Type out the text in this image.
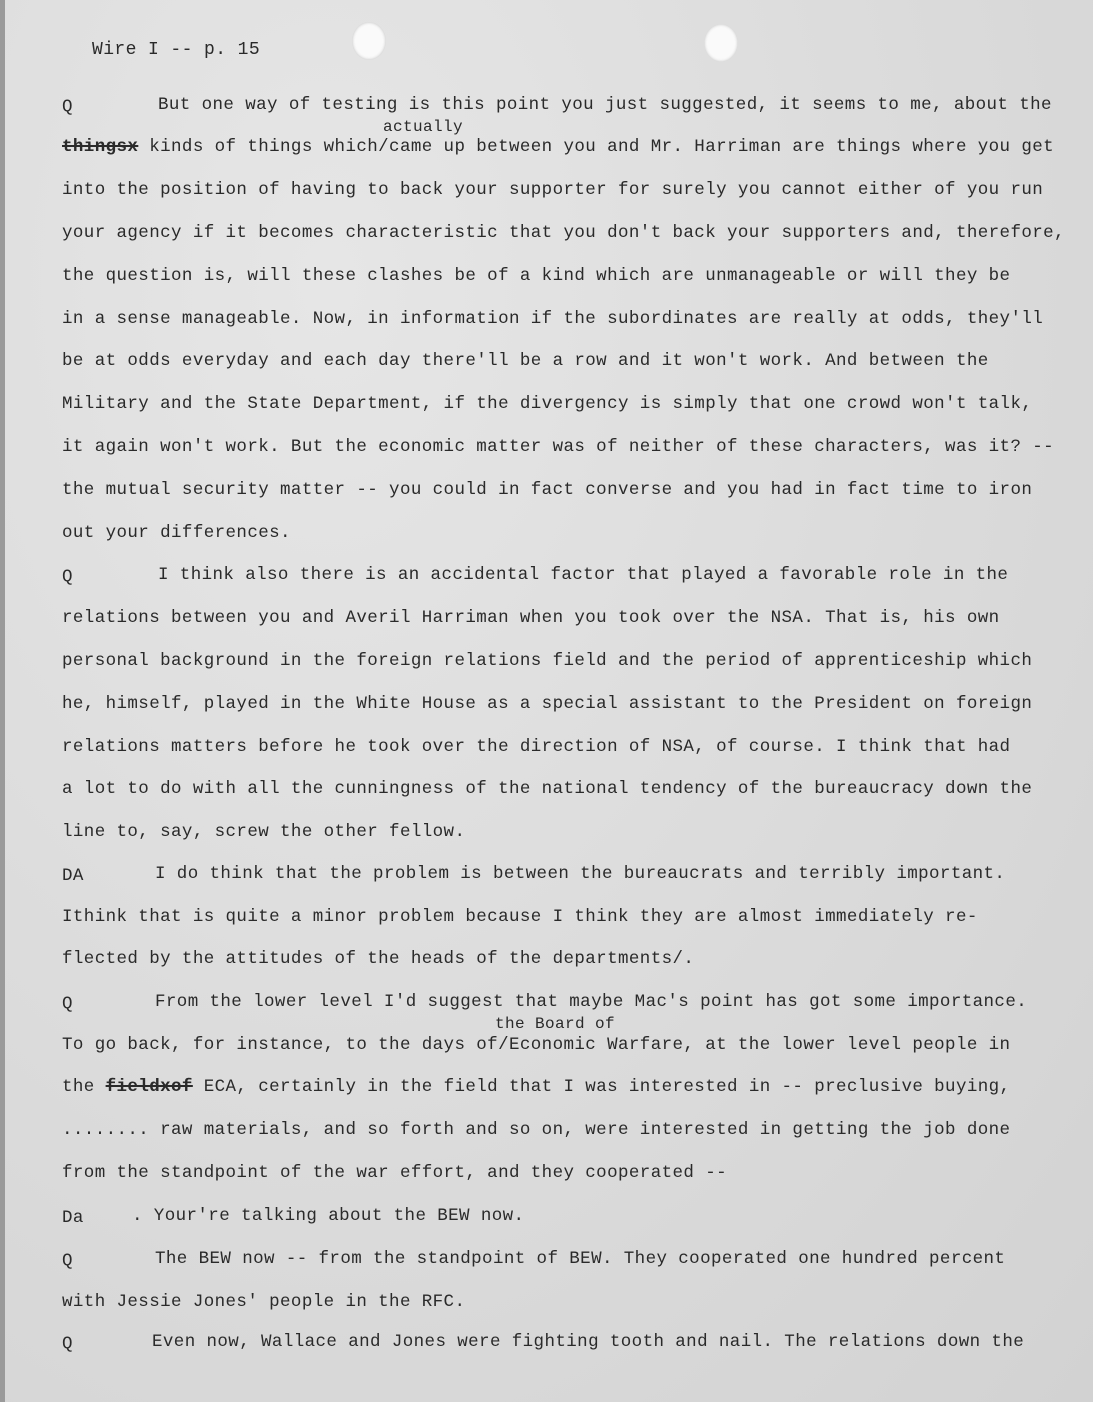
Wire I -- p. 15
Q	But one way of testing is this point you just suggested, it seems to me, about the
actually
thingsx kinds of things which/came up between you and Mr. Harriman are things where you get
into the position of having to back your supporter for surely you cannot either of you run
your agency if it becomes characteristic that you don't back your supporters and, therefore,
the question is, will these clashes be of a kind which are unmanageable or will they be
in a sense manageable. Now, in information if the subordinates are really at odds, they'll
be at odds everyday and each day there'll be a row and it won't work. And between the
Military and the State Department, if the divergency is simply that one crowd won't talk,
it again won't work. But the economic matter was of neither of these characters, was it? --
the mutual security matter -- you could in fact converse and you had in fact time to iron
out your differences.
Q	I think also there is an accidental factor that played a favorable role in the
relations between you and Averil Harriman when you took over the NSA. That is, his own
personal background in the foreign relations field and the period of apprenticeship which
he, himself, played in the White House as a special assistant to the President on foreign
relations matters before he took over the direction of NSA, of course. I think that had
a lot to do with all the cunningness of the national tendency of the bureaucracy down the
line to, say, screw the other fellow.
DA	I do think that the problem is between the bureaucrats and terribly important.
Ithink that is quite a minor problem because I think they are almost immediately re-
flected by the attitudes of the heads of the departments/.
Q	From the lower level I'd suggest that maybe Mac's point has got some importance.
the Board of
To go back, for instance, to the days of/Economic Warfare, at the lower level people in
the fieldxof ECA, certainly in the field that I was interested in -- preclusive buying,
........ raw materials, and so forth and so on, were interested in getting the job done
from the standpoint of the war effort, and they cooperated --
Da	. Your're talking about the BEW now.
Q	The BEW now -- from the standpoint of BEW. They cooperated one hundred percent
with Jessie Jones' people in the RFC.
Q	Even now, Wallace and Jones were fighting tooth and nail. The relations down the
